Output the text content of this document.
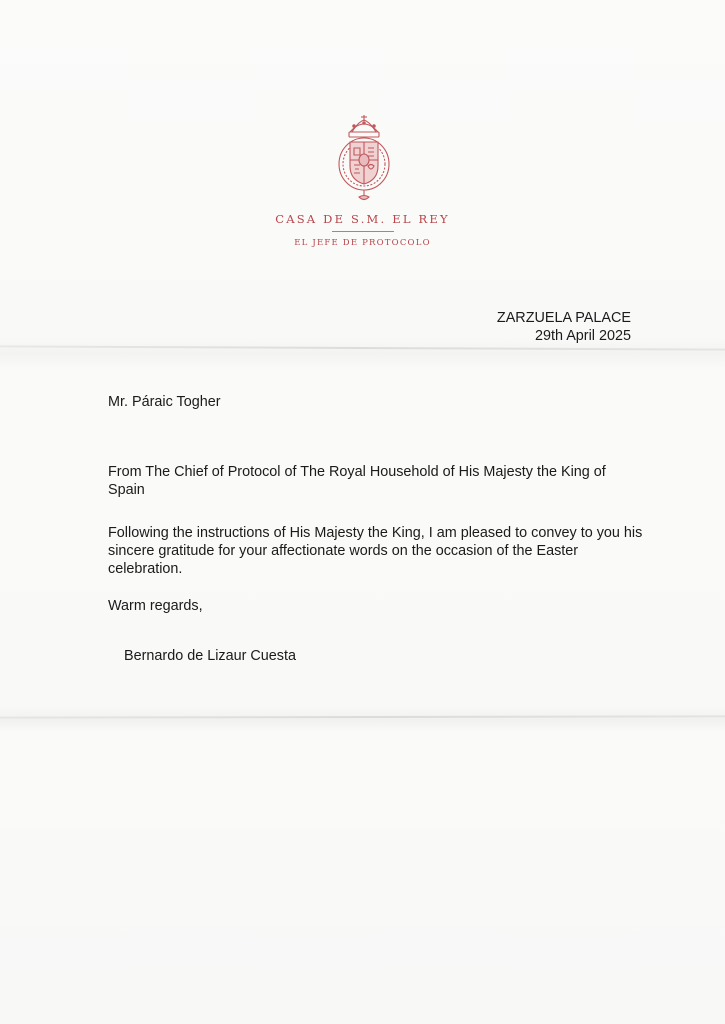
CASA DE S.M. EL REY
EL JEFE DE PROTOCOLO
ZARZUELA PALACE
29th April 2025

Mr. Páraic Togher

From The Chief of Protocol of The Royal Household of His Majesty the King of Spain

Following the instructions of His Majesty the King, I am pleased to convey to you his sincere gratitude for your affectionate words on the occasion of the Easter celebration.

Warm regards,

Bernardo de Lizaur Cuesta
